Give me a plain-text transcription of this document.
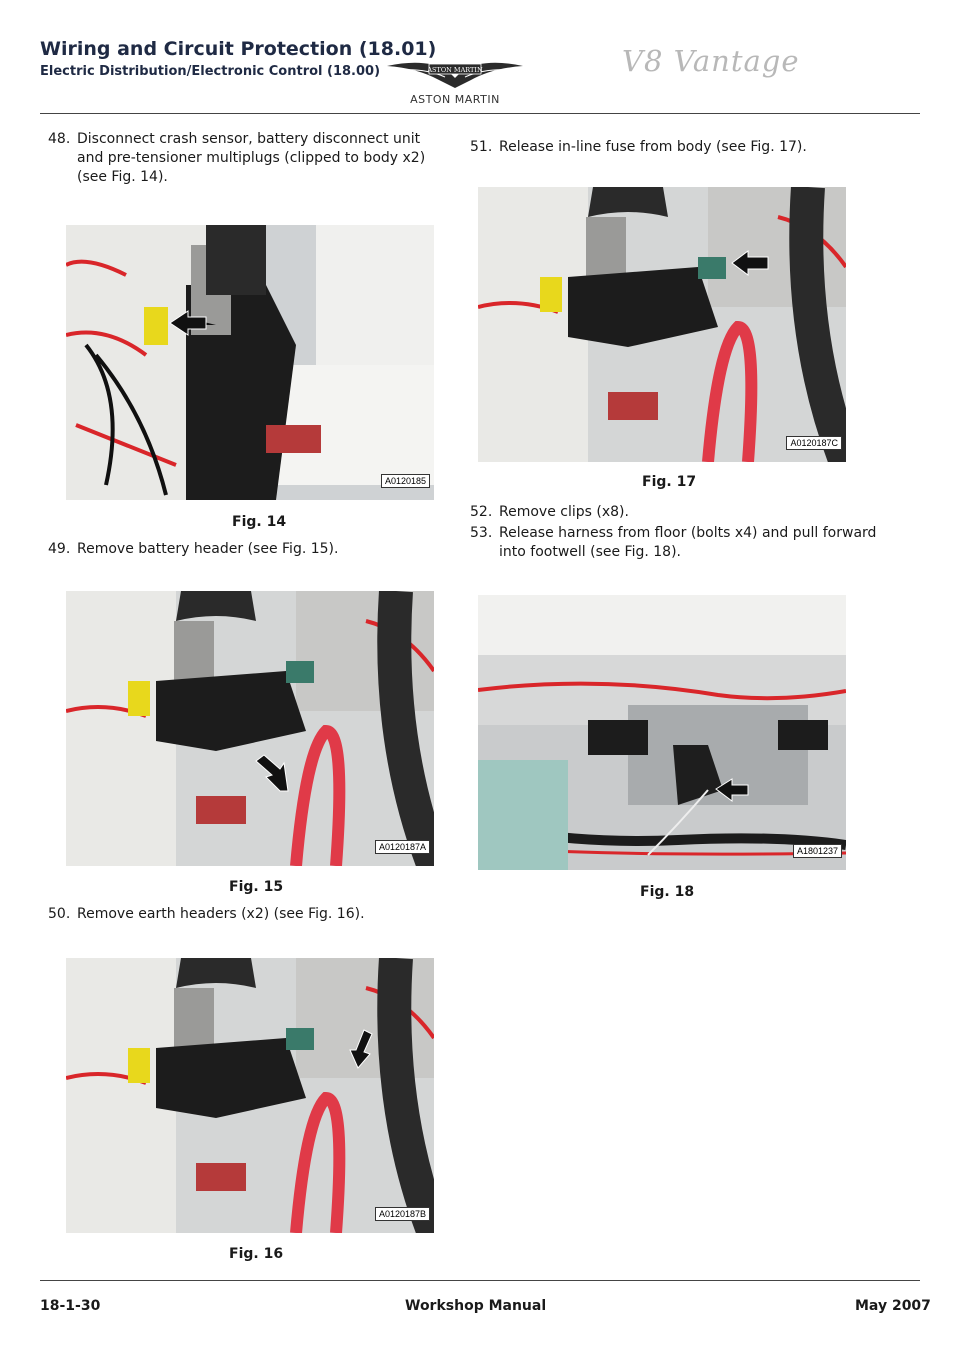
Wiring and Circuit Protection (18.01)
Electric Distribution/Electronic Control (18.00)	ASTON MARTIN
ASTON MARTIN
V8 Vantage
48. Disconnect crash sensor, battery disconnect unit and pre-tensioner multiplugs (clipped to body x2) (see Fig. 14).
A0120185
Fig. 14
49. Remove battery header (see Fig. 15).
A0120187A
Fig. 15
50. Remove earth headers (x2) (see Fig. 16).
A0120187B
Fig. 16
51. Release in-line fuse from body (see Fig. 17).
A0120187C
Fig. 17
52. Remove clips (x8).
53. Release harness from floor (bolts x4) and pull forward into footwell (see Fig. 18).
A1801237
Fig. 18
18-1-30	Workshop Manual	May 2007
